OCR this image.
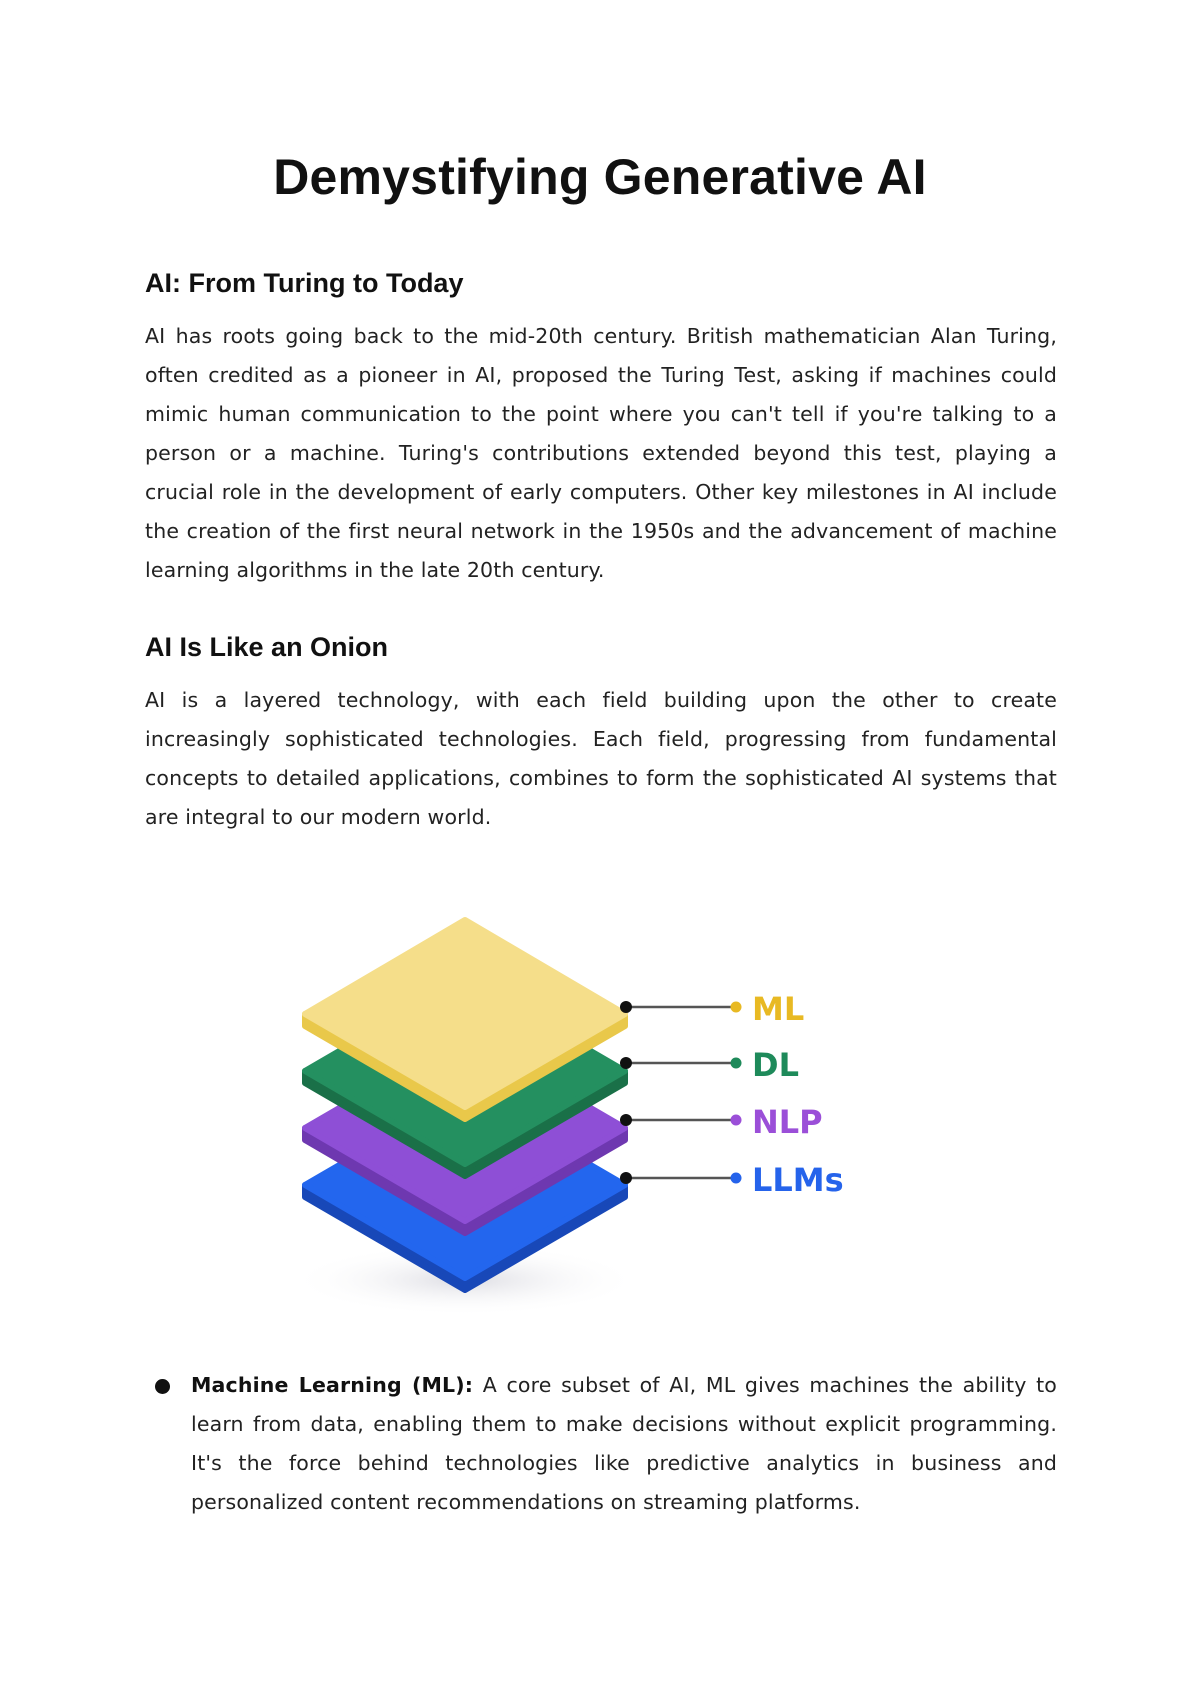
Demystifying Generative AI
AI: From Turing to Today

AI has roots going back to the mid-20th century. British mathematician Alan Turing, often credited as a pioneer in AI, proposed the Turing Test, asking if machines could mimic human communication to the point where you can't tell if you're talking to a person or a machine. Turing's contributions extended beyond this test, playing a crucial role in the development of early computers. Other key milestones in AI include the creation of the first neural network in the 1950s and the advancement of machine learning algorithms in the late 20th century.

AI Is Like an Onion

AI is a layered technology, with each field building upon the other to create increasingly sophisticated technologies. Each field, progressing from fundamental concepts to detailed applications, combines to form the sophisticated AI systems that are integral to our modern world.

ML
DL
NLP
LLMs

Machine Learning (ML): A core subset of AI, ML gives machines the ability to learn from data, enabling them to make decisions without explicit programming. It's the force behind technologies like predictive analytics in business and personalized content recommendations on streaming platforms.
